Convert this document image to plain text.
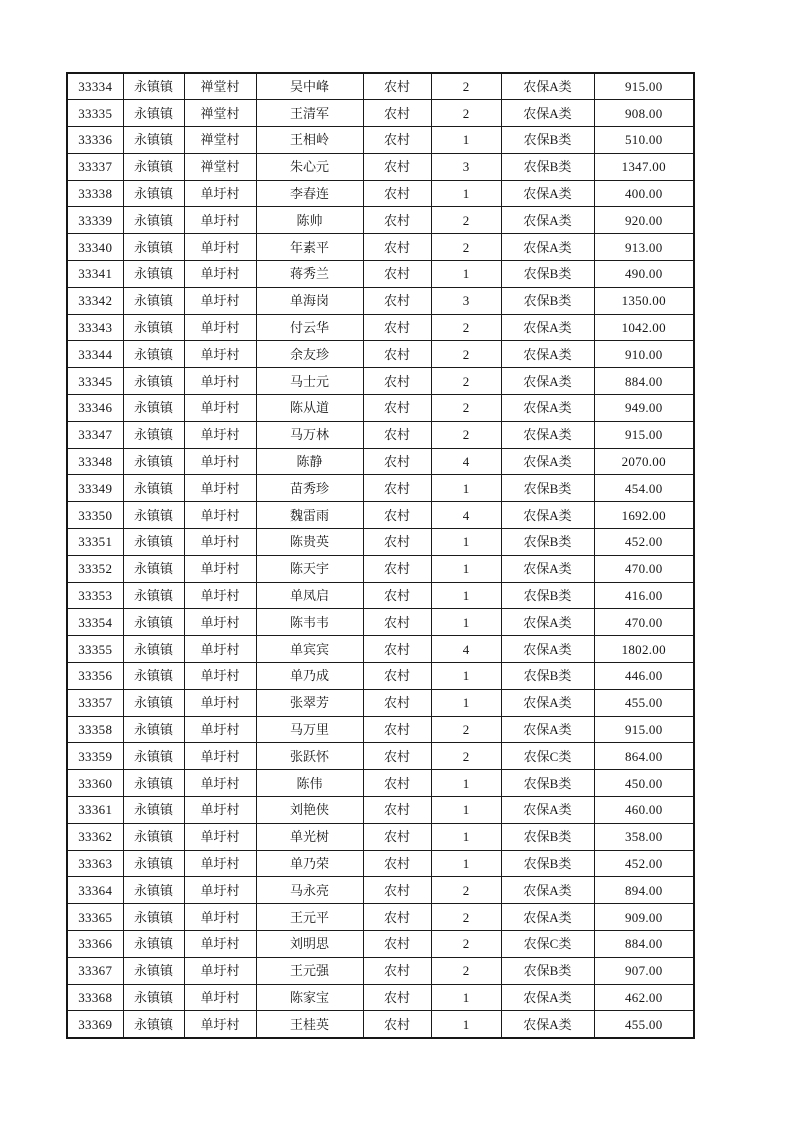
33334	永镇镇	禅堂村	吴中峰	农村	2	农保A类	915.00
33335	永镇镇	禅堂村	王清军	农村	2	农保A类	908.00
33336	永镇镇	禅堂村	王相岭	农村	1	农保B类	510.00
33337	永镇镇	禅堂村	朱心元	农村	3	农保B类	1347.00
33338	永镇镇	单圩村	李春连	农村	1	农保A类	400.00
33339	永镇镇	单圩村	陈帅	农村	2	农保A类	920.00
33340	永镇镇	单圩村	年素平	农村	2	农保A类	913.00
33341	永镇镇	单圩村	蒋秀兰	农村	1	农保B类	490.00
33342	永镇镇	单圩村	单海岗	农村	3	农保B类	1350.00
33343	永镇镇	单圩村	付云华	农村	2	农保A类	1042.00
33344	永镇镇	单圩村	余友珍	农村	2	农保A类	910.00
33345	永镇镇	单圩村	马士元	农村	2	农保A类	884.00
33346	永镇镇	单圩村	陈从道	农村	2	农保A类	949.00
33347	永镇镇	单圩村	马万林	农村	2	农保A类	915.00
33348	永镇镇	单圩村	陈静	农村	4	农保A类	2070.00
33349	永镇镇	单圩村	苗秀珍	农村	1	农保B类	454.00
33350	永镇镇	单圩村	魏雷雨	农村	4	农保A类	1692.00
33351	永镇镇	单圩村	陈贵英	农村	1	农保B类	452.00
33352	永镇镇	单圩村	陈天宇	农村	1	农保A类	470.00
33353	永镇镇	单圩村	单凤启	农村	1	农保B类	416.00
33354	永镇镇	单圩村	陈韦韦	农村	1	农保A类	470.00
33355	永镇镇	单圩村	单宾宾	农村	4	农保A类	1802.00
33356	永镇镇	单圩村	单乃成	农村	1	农保B类	446.00
33357	永镇镇	单圩村	张翠芳	农村	1	农保A类	455.00
33358	永镇镇	单圩村	马万里	农村	2	农保A类	915.00
33359	永镇镇	单圩村	张跃怀	农村	2	农保C类	864.00
33360	永镇镇	单圩村	陈伟	农村	1	农保B类	450.00
33361	永镇镇	单圩村	刘艳侠	农村	1	农保A类	460.00
33362	永镇镇	单圩村	单光树	农村	1	农保B类	358.00
33363	永镇镇	单圩村	单乃荣	农村	1	农保B类	452.00
33364	永镇镇	单圩村	马永亮	农村	2	农保A类	894.00
33365	永镇镇	单圩村	王元平	农村	2	农保A类	909.00
33366	永镇镇	单圩村	刘明思	农村	2	农保C类	884.00
33367	永镇镇	单圩村	王元强	农村	2	农保B类	907.00
33368	永镇镇	单圩村	陈家宝	农村	1	农保A类	462.00
33369	永镇镇	单圩村	王桂英	农村	1	农保A类	455.00
